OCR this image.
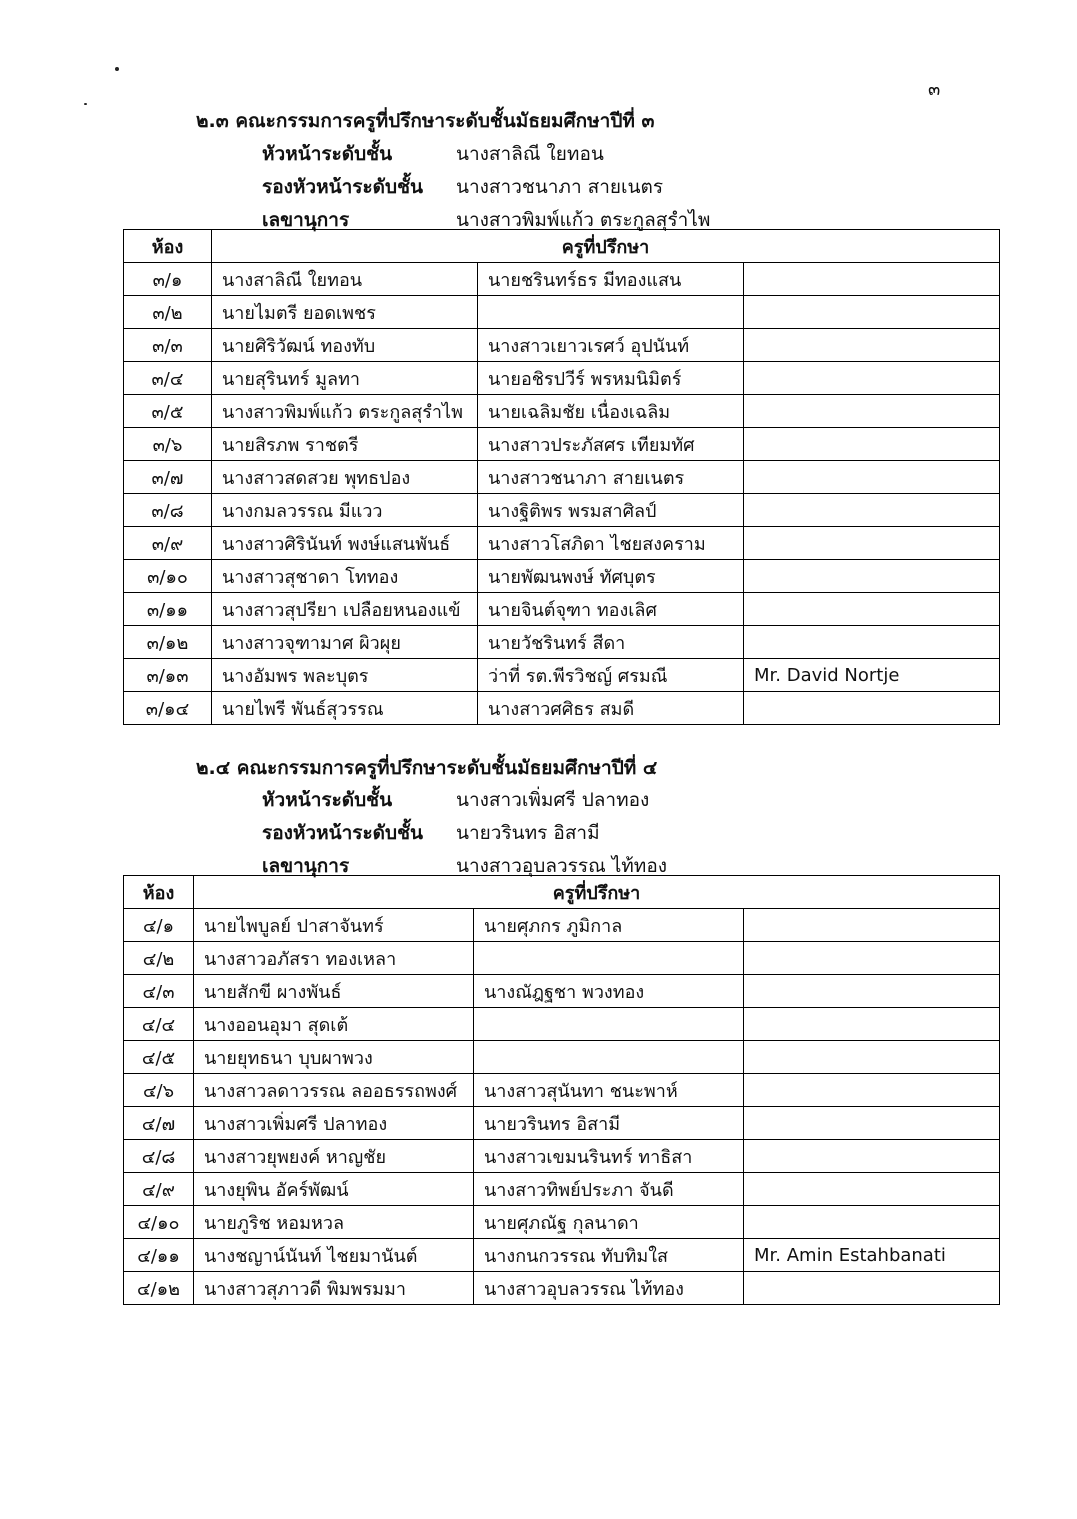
๓
๒.๓ คณะกรรมการครูที่ปรึกษาระดับชั้นมัธยมศึกษาปีที่ ๓
หัวหน้าระดับชั้น	นางสาลิณี ใยทอน
รองหัวหน้าระดับชั้น นางสาวชนาภา สายเนตร
เลขานุการ	นางสาวพิมพ์แก้ว ตระกูลสุรำไพ
ห้อง	ครูที่ปรึกษา		
๓/๑	นางสาลิณี ใยทอน	นายชรินทร์ธร มีทองแสน	
๓/๒	นายไมตรี ยอดเพชร		
๓/๓	นายศิริวัฒน์ ทองทับ	นางสาวเยาวเรศว์ อุปนันท์	
๓/๔	นายสุรินทร์ มูลทา	นายอชิรปวีร์ พรหมนิมิตร์	
๓/๕	นางสาวพิมพ์แก้ว ตระกูลสุรำไพ	นายเฉลิมชัย เนื่องเฉลิม	
๓/๖	นายสิรภพ ราชตรี	นางสาวประภัสศร เทียมทัศ	
๓/๗	นางสาวสดสวย พุทธปอง	นางสาวชนาภา สายเนตร	
๓/๘	นางกมลวรรณ มีแวว	นางฐิติพร พรมสาศิลป์	
๓/๙	นางสาวศิรินันท์ พงษ์แสนพันธ์	นางสาวโสภิดา ไชยสงคราม	
๓/๑๐	นางสาวสุชาดา โททอง	นายพัฒนพงษ์ ทัศบุตร	
๓/๑๑	นางสาวสุปรียา เปลือยหนองแข้	นายจินต์จุฑา ทองเลิศ	
๓/๑๒	นางสาวจุฑามาศ ผิวผุย	นายวัชรินทร์ สีดา	
๓/๑๓	นางอัมพร พละบุตร	ว่าที่ รต.พีรวิชญ์ ศรมณี	Mr. David Nortje
๓/๑๔	นายไพรี พันธ์สุวรรณ	นางสาวศศิธร สมดี	
๒.๔ คณะกรรมการครูที่ปรึกษาระดับชั้นมัธยมศึกษาปีที่ ๔
หัวหน้าระดับชั้น	นางสาวเพิ่มศรี ปลาทอง
รองหัวหน้าระดับชั้น นายวรินทร อิสามี
เลขานุการ	นางสาวอุบลวรรณ ไท้ทอง
ห้อง	ครูที่ปรึกษา		
๔/๑	นายไพบูลย์ ปาสาจันทร์	นายศุภกร ภูมิกาล	
๔/๒	นางสาวอภัสรา ทองเหลา		
๔/๓	นายสักขี ผางพันธ์	นางณัฎฐชา พวงทอง	
๔/๔	นางออนอุมา สุดเต้		
๔/๕	นายยุทธนา บุบผาพวง		
๔/๖	นางสาวลดาวรรณ ลออธรรถพงศ์	นางสาวสุนันทา ชนะพาห์	
๔/๗	นางสาวเพิ่มศรี ปลาทอง	นายวรินทร อิสามี	
๔/๘	นางสาวยุพยงค์ หาญชัย	นางสาวเขมนรินทร์ ทาธิสา	
๔/๙	นางยุพิน อัคร์พัฒน์	นางสาวทิพย์ประภา จันดี	
๔/๑๐	นายภูริช หอมหวล	นายศุภณัฐ กุลนาดา	
๔/๑๑	นางชญาน์นันท์ ไชยมานันต์	นางกนกวรรณ ทับทิมใส	Mr. Amin Estahbanati
๔/๑๒	นางสาวสุภาวดี พิมพรมมา	นางสาวอุบลวรรณ ไท้ทอง	
